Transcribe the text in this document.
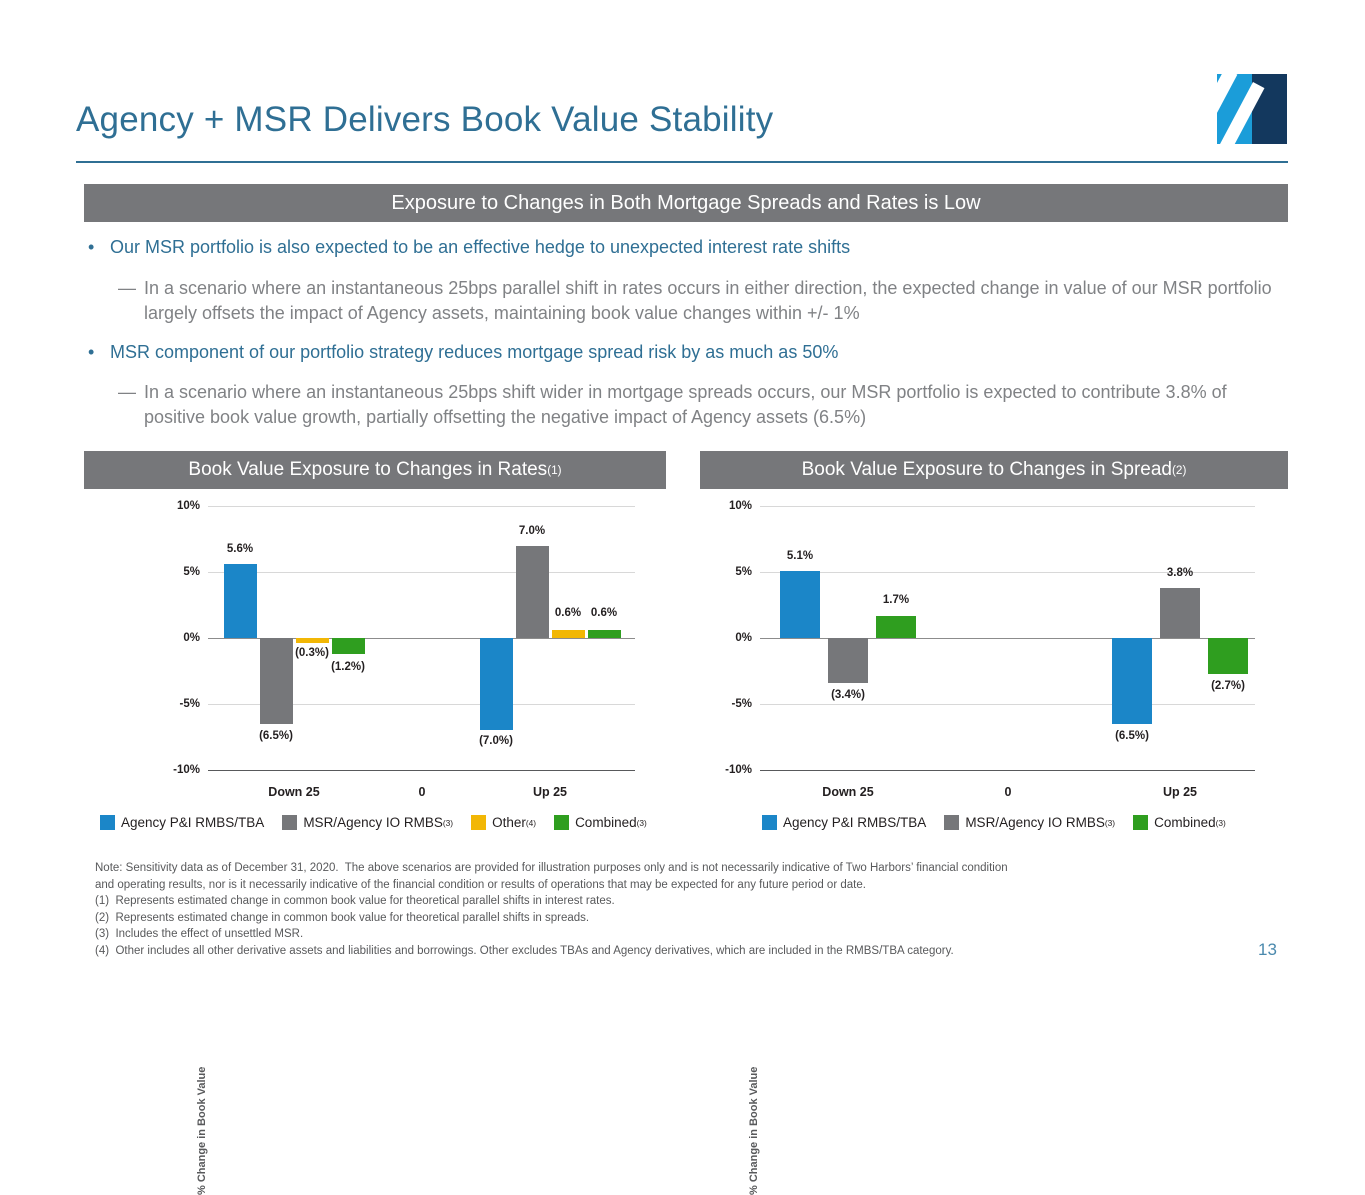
Agency + MSR Delivers Book Value Stability
Exposure to Changes in Both Mortgage Spreads and Rates is Low
• Our MSR portfolio is also expected to be an effective hedge to unexpected interest rate shifts
— In a scenario where an instantaneous 25bps parallel shift in rates occurs in either direction, the expected change in value of our MSR portfolio largely offsets the impact of Agency assets, maintaining book value changes within +/- 1%
• MSR component of our portfolio strategy reduces mortgage spread risk by as much as 50%
— In a scenario where an instantaneous 25bps shift wider in mortgage spreads occurs, our MSR portfolio is expected to contribute 3.8% of positive book value growth, partially offsetting the negative impact of Agency assets (6.5%)
Book Value Exposure to Changes in Rates (1)
% Change in Book Value
10%
5%
0%
-5%
-10%
5.6%
(6.5%)
(0.3%)
(1.2%)
(7.0%)
7.0%
0.6% 0.6%
Down 25	0	Up 25
Agency P&I RMBS/TBA	MSR/Agency IO RMBS (3)	Other (4)	Combined (3)
Book Value Exposure to Changes in Spread (2)
% Change in Book Value
10%
5%
0%
-5%
-10%
5.1%
(3.4%)
1.7%
(6.5%)
3.8%
(2.7%)
Down 25	0	Up 25
Agency P&I RMBS/TBA	MSR/Agency IO RMBS (3)	Combined (3)
Note: Sensitivity data as of December 31, 2020.  The above scenarios are provided for illustration purposes only and is not necessarily indicative of Two Harbors’ financial condition
and operating results, nor is it necessarily indicative of the financial condition or results of operations that may be expected for any future period or date.
(1)  Represents estimated change in common book value for theoretical parallel shifts in interest rates.
(2)  Represents estimated change in common book value for theoretical parallel shifts in spreads.
(3)  Includes the effect of unsettled MSR.
(4)  Other includes all other derivative assets and liabilities and borrowings. Other excludes TBAs and Agency derivatives, which are included in the RMBS/TBA category.	13
